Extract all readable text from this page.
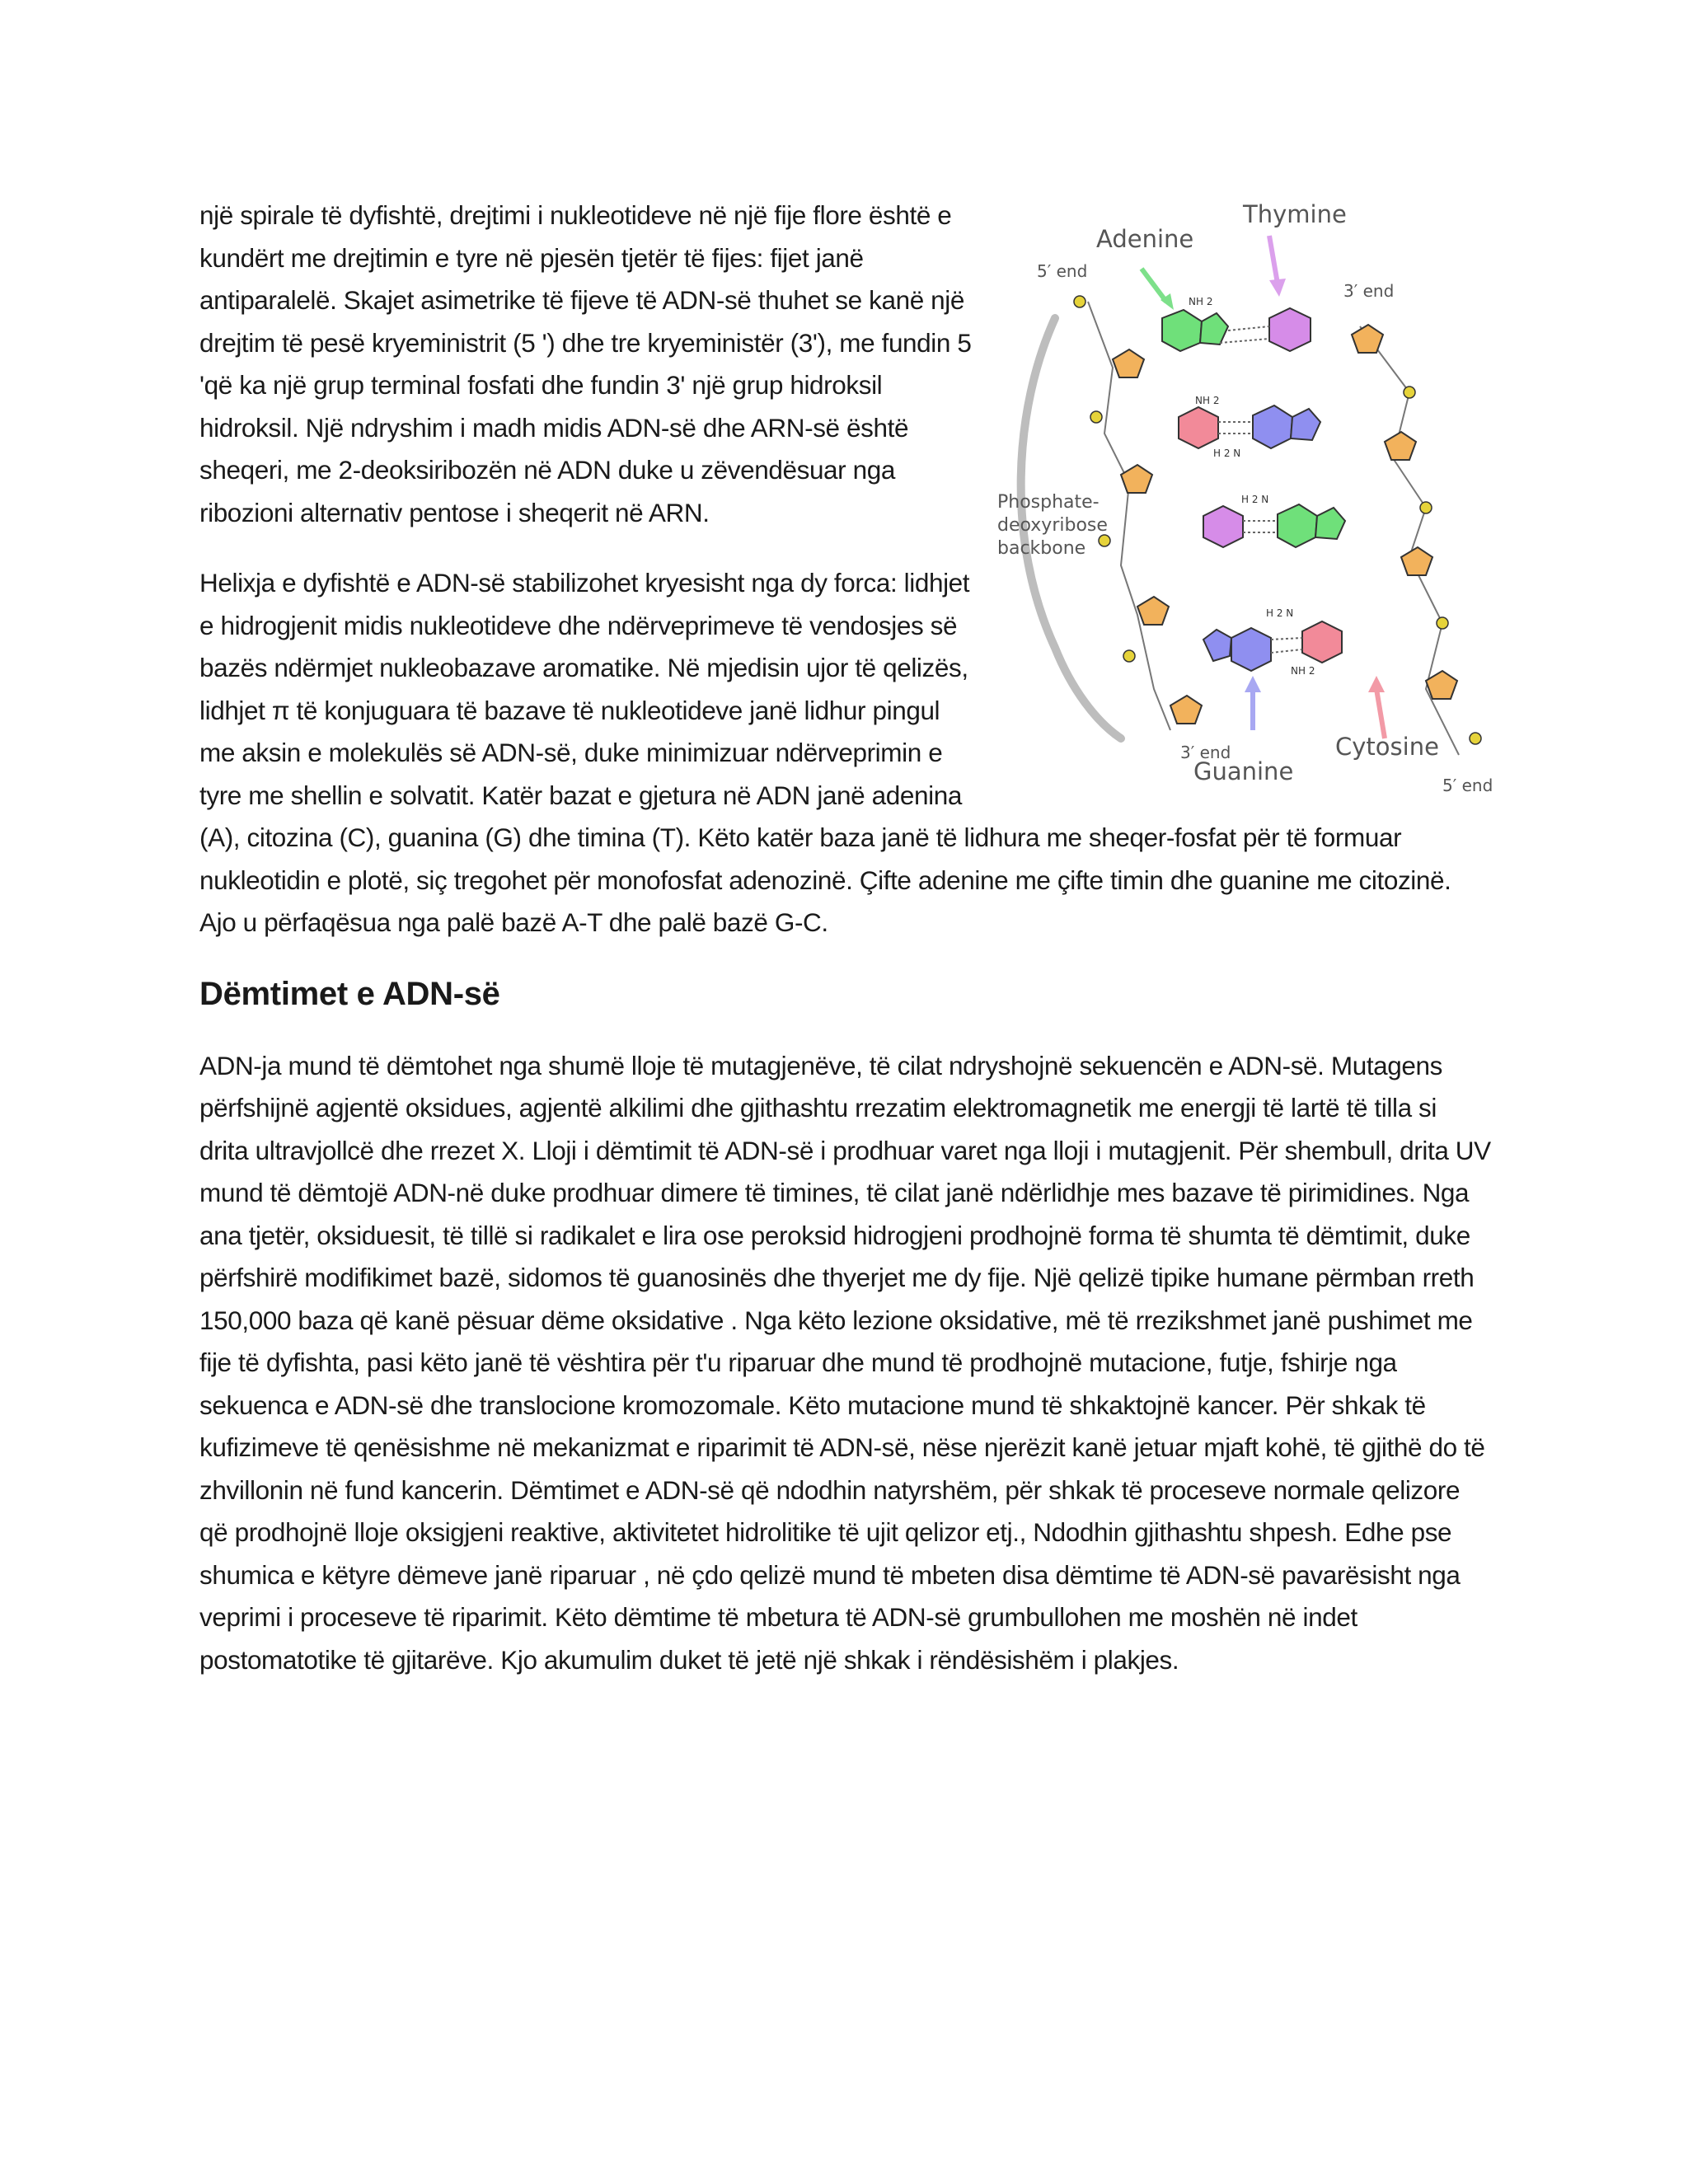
Thymine
Adenine
5′ end
3′ end
Phosphate-
deoxyribose
backbone
Cytosine
Guanine
3′ end
5′ end
NH 2
NH 2
H 2 N
NH 2
H 2 N
H 2 N

një spirale të dyfishtë, drejtimi i nukleotideve në një fije flore është e kundërt me drejtimin e tyre në pjesën tjetër të fijes: fijet janë antiparalelë. Skajet asimetrike të fijeve të ADN-së thuhet se kanë një drejtim të pesë kryeministrit (5 ') dhe tre kryeministër (3'), me fundin 5 'që ka një grup terminal fosfati dhe fundin 3' një grup hidroksil hidroksil. Një ndryshim i madh midis ADN-së dhe ARN-së është sheqeri, me 2-deoksiribozën në ADN duke u zëvendësuar nga ribozioni alternativ pentose i sheqerit në ARN.

Helixja e dyfishtë e ADN-së stabilizohet kryesisht nga dy forca: lidhjet e hidrogjenit midis nukleotideve dhe ndërveprimeve të vendosjes së bazës ndërmjet nukleobazave aromatike. Në mjedisin ujor të qelizës, lidhjet π të konjuguara të bazave të nukleotideve janë lidhur pingul me aksin e molekulës së ADN-së, duke minimizuar ndërveprimin e tyre me shellin e solvatit. Katër bazat e gjetura në ADN janë adenina (A), citozina (C), guanina (G) dhe timina (T). Këto katër baza janë të lidhura me sheqer-fosfat për të formuar nukleotidin e plotë, siç tregohet për monofosfat adenozinë. Çifte adenine me çifte timin dhe guanine me citozinë. Ajo u përfaqësua nga palë bazë A-T dhe palë bazë G-C.

Dëmtimet e ADN-së

ADN-ja mund të dëmtohet nga shumë lloje të mutagjenëve, të cilat ndryshojnë sekuencën e ADN-së. Mutagens përfshijnë agjentë oksidues, agjentë alkilimi dhe gjithashtu rrezatim elektromagnetik me energji të lartë të tilla si drita ultravjollcë dhe rrezet X. Lloji i dëmtimit të ADN-së i prodhuar varet nga lloji i mutagjenit. Për shembull, drita UV mund të dëmtojë ADN-në duke prodhuar dimere të timines, të cilat janë ndërlidhje mes bazave të pirimidines. Nga ana tjetër, oksiduesit, të tillë si radikalet e lira ose peroksid hidrogjeni prodhojnë forma të shumta të dëmtimit, duke përfshirë modifikimet bazë, sidomos të guanosinës dhe thyerjet me dy fije. Një qelizë tipike humane përmban rreth 150,000 baza që kanë pësuar dëme oksidative . Nga këto lezione oksidative, më të rrezikshmet janë pushimet me fije të dyfishta, pasi këto janë të vështira për t'u riparuar dhe mund të prodhojnë mutacione, futje, fshirje nga sekuenca e ADN-së dhe translocione kromozomale. Këto mutacione mund të shkaktojnë kancer. Për shkak të kufizimeve të qenësishme në mekanizmat e riparimit të ADN-së, nëse njerëzit kanë jetuar mjaft kohë, të gjithë do të zhvillonin në fund kancerin. Dëmtimet e ADN-së që ndodhin natyrshëm, për shkak të proceseve normale qelizore që prodhojnë lloje oksigjeni reaktive, aktivitetet hidrolitike të ujit qelizor etj., Ndodhin gjithashtu shpesh. Edhe pse shumica e këtyre dëmeve janë riparuar , në çdo qelizë mund të mbeten disa dëmtime të ADN-së pavarësisht nga veprimi i proceseve të riparimit. Këto dëmtime të mbetura të ADN-së grumbullohen me moshën në indet postomatotike të gjitarëve. Kjo akumulim duket të jetë një shkak i rëndësishëm i plakjes.
